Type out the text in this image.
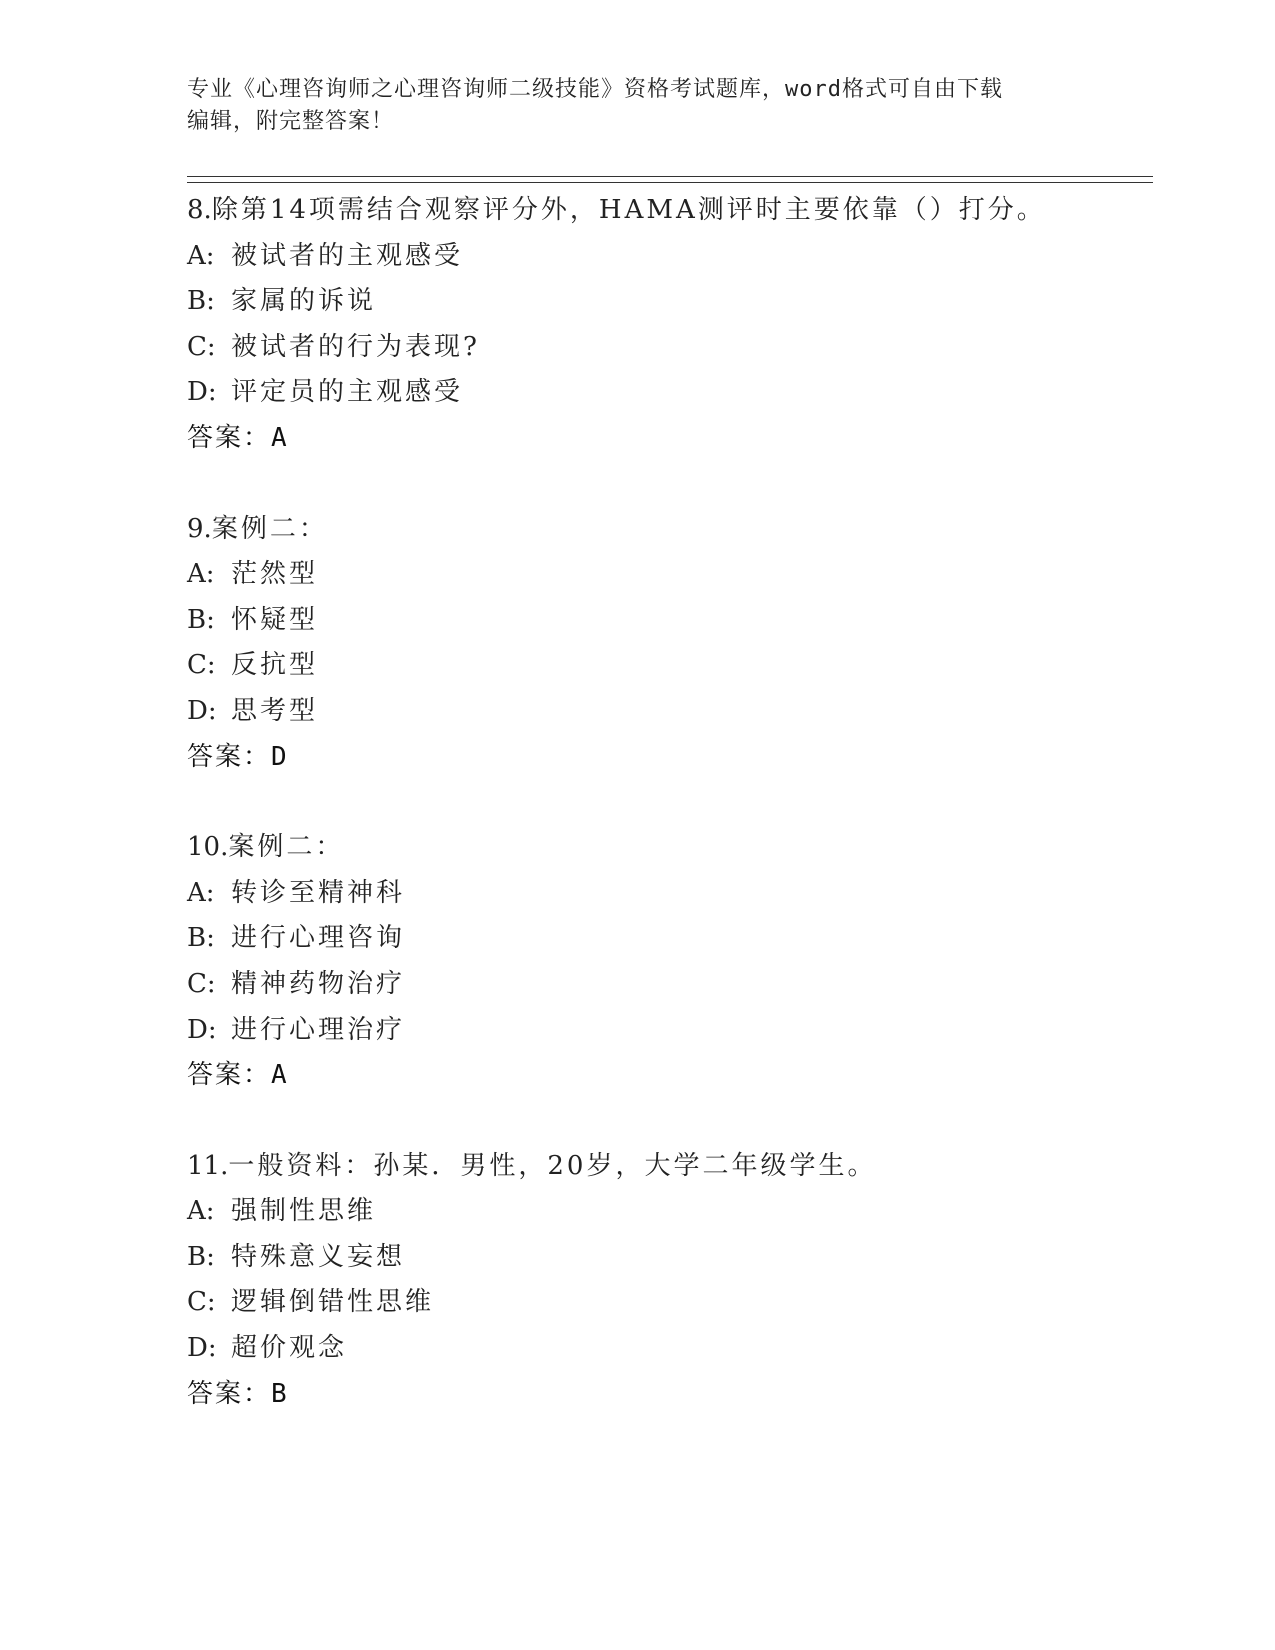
专业《心理咨询师之心理咨询师二级技能》资格考试题库，word格式可自由下载
编辑，附完整答案！
8.除第14项需结合观察评分外，HAMA测评时主要依靠（）打分。
A: 被试者的主观感受
B: 家属的诉说
C: 被试者的行为表现?
D: 评定员的主观感受
答案：A
9.案例二：
A: 茫然型
B: 怀疑型
C: 反抗型
D: 思考型
答案：D
10.案例二：
A: 转诊至精神科
B: 进行心理咨询
C: 精神药物治疗
D: 进行心理治疗
答案：A
11.一般资料：孙某．男性，20岁，大学二年级学生。
A: 强制性思维
B: 特殊意义妄想
C: 逻辑倒错性思维
D: 超价观念
答案：B
